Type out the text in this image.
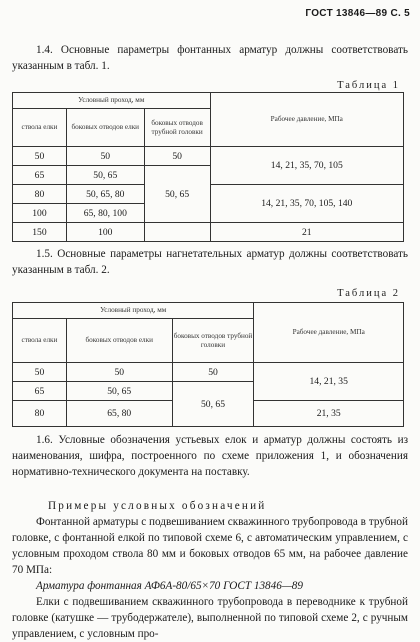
ГОСТ 13846—89 С. 5
1.4. Основные параметры фонтанных арматур должны соответствовать указанным в табл. 1.
Таблица 1
Условный проход, мм			Рабочее давление, МПа
ствола елки	боковых отводов елки	боковых отводов трубной головки	
50	50	50	14, 21, 35, 70, 105
65	50, 65	50, 65	
80	50, 65, 80		14, 21, 35, 70, 105, 140
100	65, 80, 100		
150	100		21
1.5. Основные параметры нагнетательных арматур должны соответствовать указанным в табл. 2.
Таблица 2
Условный проход, мм			Рабочее давление, МПа
ствола елки	боковых отводов елки	боковых отводов трубной головки	
50	50	50	14, 21, 35
65	50, 65	50, 65	
80	65, 80		21, 35
1.6. Условные обозначения устьевых елок и арматур должны состоять из наименования, шифра, построенного по схеме приложения 1, и обозначения нормативно-технического документа на поставку.
Примеры условных обозначений
Фонтанной арматуры с подвешиванием скважинного трубопровода в трубной головке, с фонтанной елкой по типовой схеме 6, с автоматическим управлением, с условным проходом ствола 80 мм и боковых отводов 65 мм, на рабочее давление 70 МПа:
Арматура фонтанная АФ6А-80/65×70 ГОСТ 13846—89
Елки с подвешиванием скважинного трубопровода в переводнике к трубной головке (катушке — трубодержателе), выполненной по типовой схеме 2, с ручным управлением, с условным про-
